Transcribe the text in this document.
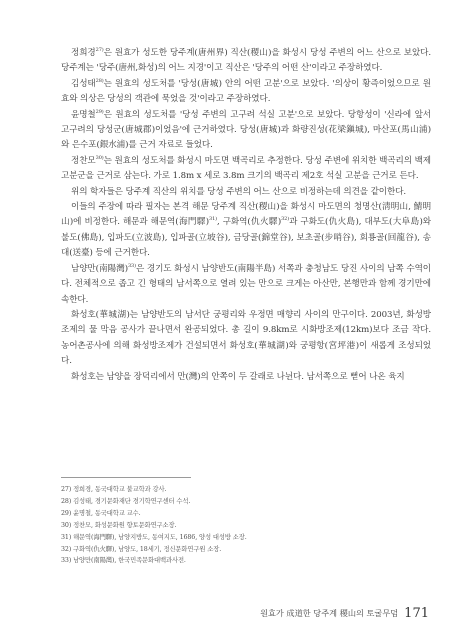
정희경$^{27)}$은 원효가 성도한 당주계(唐州界) 직산(稷山)을 화성시 당성 주변의 어느 산으로 보았다. 당주계는 '당주(唐州,화성)의 어느 지경'이고 직산은 '당주의 어떤 산'이라고 주장하였다.

김성태$^{28)}$는 원효의 성도처를 '당성(唐城) 안의 어떤 고분'으로 보았다. '의상이 황즉이었으므로 원효와 의상은 당성의 객관에 묵었을 것'이라고 주장하였다.

윤명철$^{29)}$은 원효의 성도처를 '당성 주변의 고구려 석실 고분'으로 보았다. 당항성이 '신라에 앞서 고구려의 당성군(唐城郡)이었음'에 근거하였다. 당성(唐城)과 화량진성(花梁鎭城), 마산포(馬山浦)와 은수포(銀水浦)를 근거 자료로 들었다.

정찬모$^{30)}$는 원효의 성도처를 화성시 마도면 백곡리로 추정한다. 당성 주변에 위치한 백곡리의 백제 고분군을 근거로 삼는다. 가로 1.8m x 세로 3.8m 크기의 백곡리 제2호 석실 고분을 근거로 든다.

위의 학자들은 당주계 직산의 위치를 당성 주변의 어느 산으로 비정하는데 의견을 같이한다.

이들의 주장에 따라 필자는 본격 해문 당주계 직산(稷山)을 화성시 마도면의 청명산(淸明山, 鯖明山)에 비정한다. 해문과 해문역(海門驛)$^{31)}$, 구화역(仇火驛)$^{32)}$과 구화도(仇火島), 대부도(大阜島)와 불도(佛島), 입파도(立波島), 입파골(立坡谷), 금당골(錦堂谷), 보초골(步哨谷), 회룡골(回龍谷), 송대(送臺) 등에 근거한다.

남양만(南陽灣)$^{33)}$은 경기도 화성시 남양반도(南陽半島) 서쪽과 충청남도 당진 사이의 남쪽 수역이다. 전체적으로 좁고 긴 형태의 남서쪽으로 열려 있는 만으로 크게는 아산만, 본행만과 함께 경기만에 속한다.

화성호(華城湖)는 남양반도의 남서단 궁평리와 우정면 매향리 사이의 만구이다. 2003년, 화성방조제의 물 막음 공사가 끝나면서 완공되었다. 총 길이 9.8km로 시화방조제(12km)보다 조금 작다. 농어촌공사에 의해 화성방조제가 건설되면서 화성호(華城湖)와 궁평항(宮坪港)이 새롭게 조성되었다.

화성호는 남양을 장덕리에서 만(灣)의 안쪽이 두 갈래로 나뉜다. 남서쪽으로 뻗어 나온 육지

27) 정희경, 동국대학교 불교학과 강사.
28) 김성태, 경기문화재단 경기학연구센터 수석.
29) 윤명철, 동국대학교 교수.
30) 정찬모, 화성문화원 향토문화연구소장.
31) 해문역(海門驛), 남양지방도, 동여지도, 1686, 양성 대성방 소장.
32) 구화역(仇火驛), 남양도, 18세기, 정신문화연구원 소장.
33) 남양만(南陽灣), 한국민족문화대백과사전.
원효가 成道한 당주계 稷山의 토굴무덤 171
